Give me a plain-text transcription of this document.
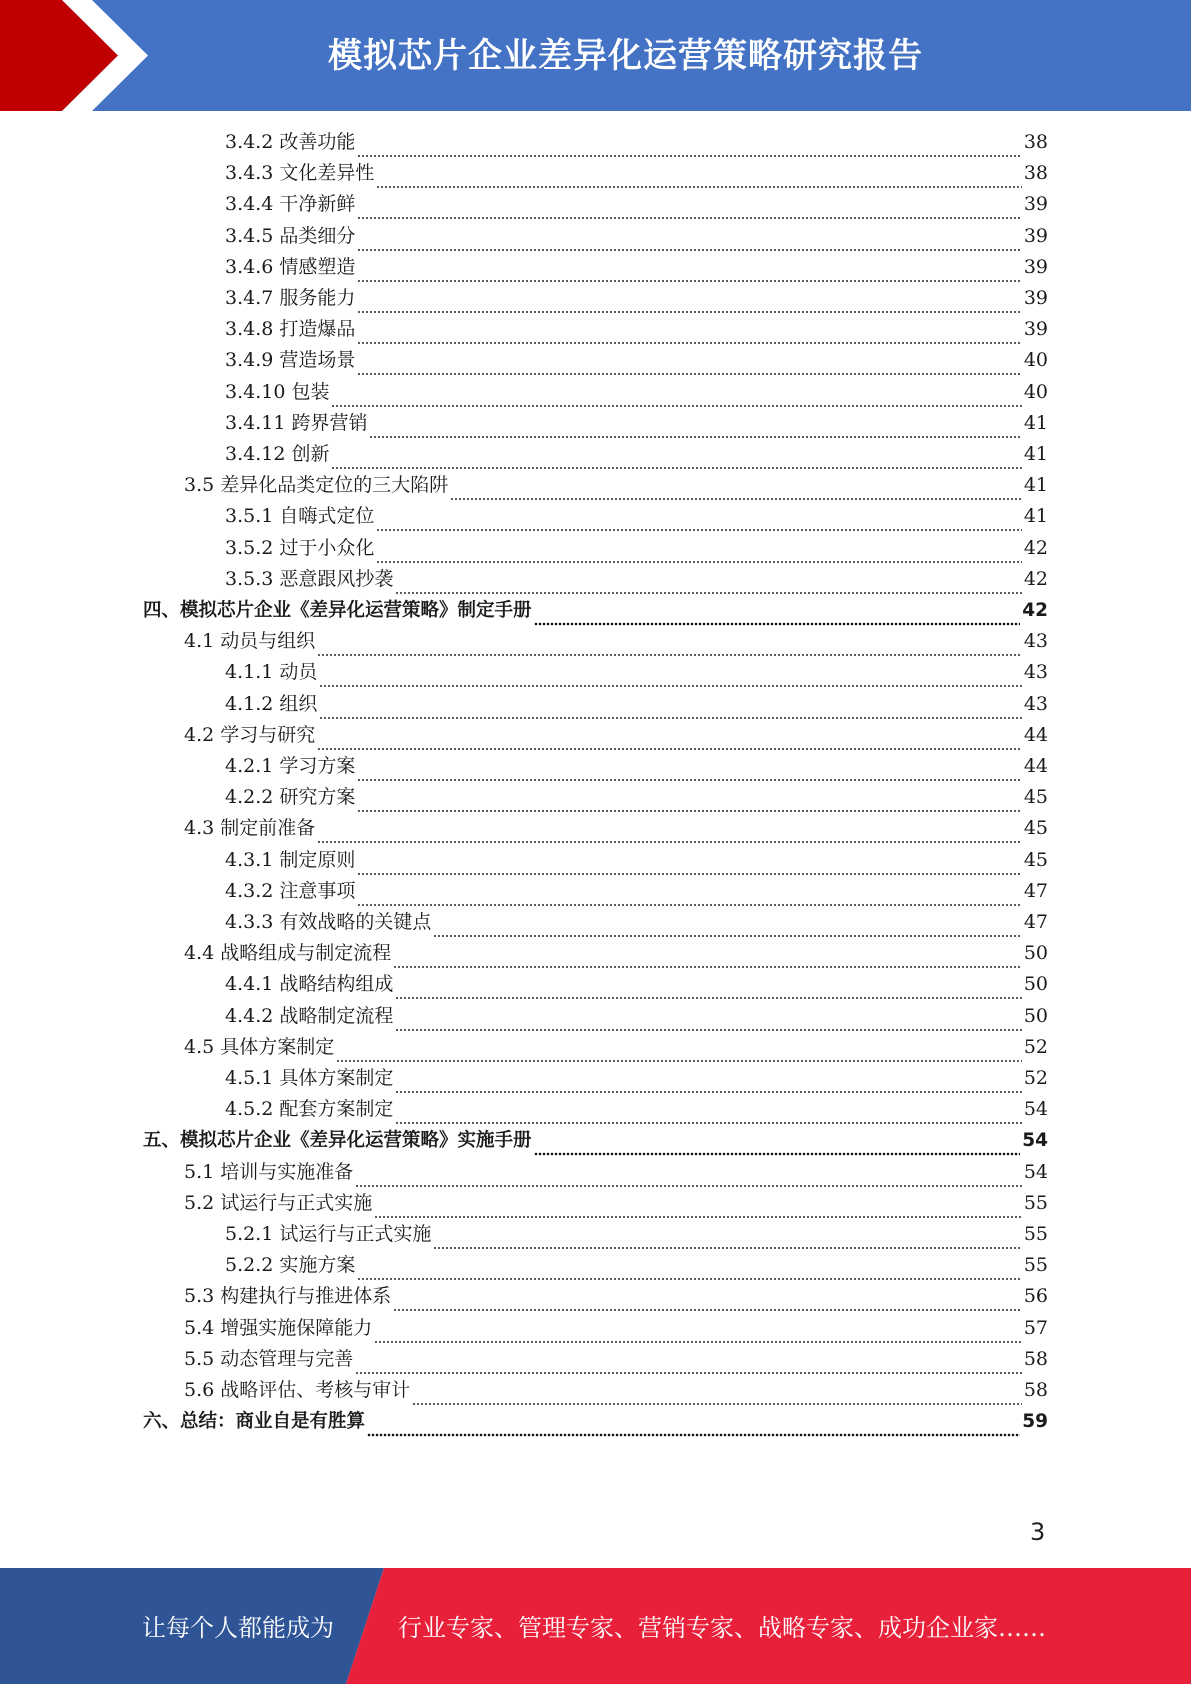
模拟芯片企业差异化运营策略研究报告
3.4.2 改善功能	38
3.4.3 文化差异性	38
3.4.4 干净新鲜	39
3.4.5 品类细分	39
3.4.6 情感塑造	39
3.4.7 服务能力	39
3.4.8 打造爆品	39
3.4.9 营造场景	40
3.4.10 包装	40
3.4.11 跨界营销	41
3.4.12 创新	41
3.5 差异化品类定位的三大陷阱	41
3.5.1 自嗨式定位	41
3.5.2 过于小众化	42
3.5.3 恶意跟风抄袭	42
四、模拟芯片企业《差异化运营策略》制定手册	42
4.1 动员与组织	43
4.1.1 动员	43
4.1.2 组织	43
4.2 学习与研究	44
4.2.1 学习方案	44
4.2.2 研究方案	45
4.3 制定前准备	45
4.3.1 制定原则	45
4.3.2 注意事项	47
4.3.3 有效战略的关键点	47
4.4 战略组成与制定流程	50
4.4.1 战略结构组成	50
4.4.2 战略制定流程	50
4.5 具体方案制定	52
4.5.1 具体方案制定	52
4.5.2 配套方案制定	54
五、模拟芯片企业《差异化运营策略》实施手册	54
5.1 培训与实施准备	54
5.2 试运行与正式实施	55
5.2.1 试运行与正式实施	55
5.2.2 实施方案	55
5.3 构建执行与推进体系	56
5.4 增强实施保障能力	57
5.5 动态管理与完善	58
5.6 战略评估、考核与审计	58
六、总结：商业自是有胜算	59
3
让每个人都能成为	行业专家、管理专家、营销专家、战略专家、成功企业家……
